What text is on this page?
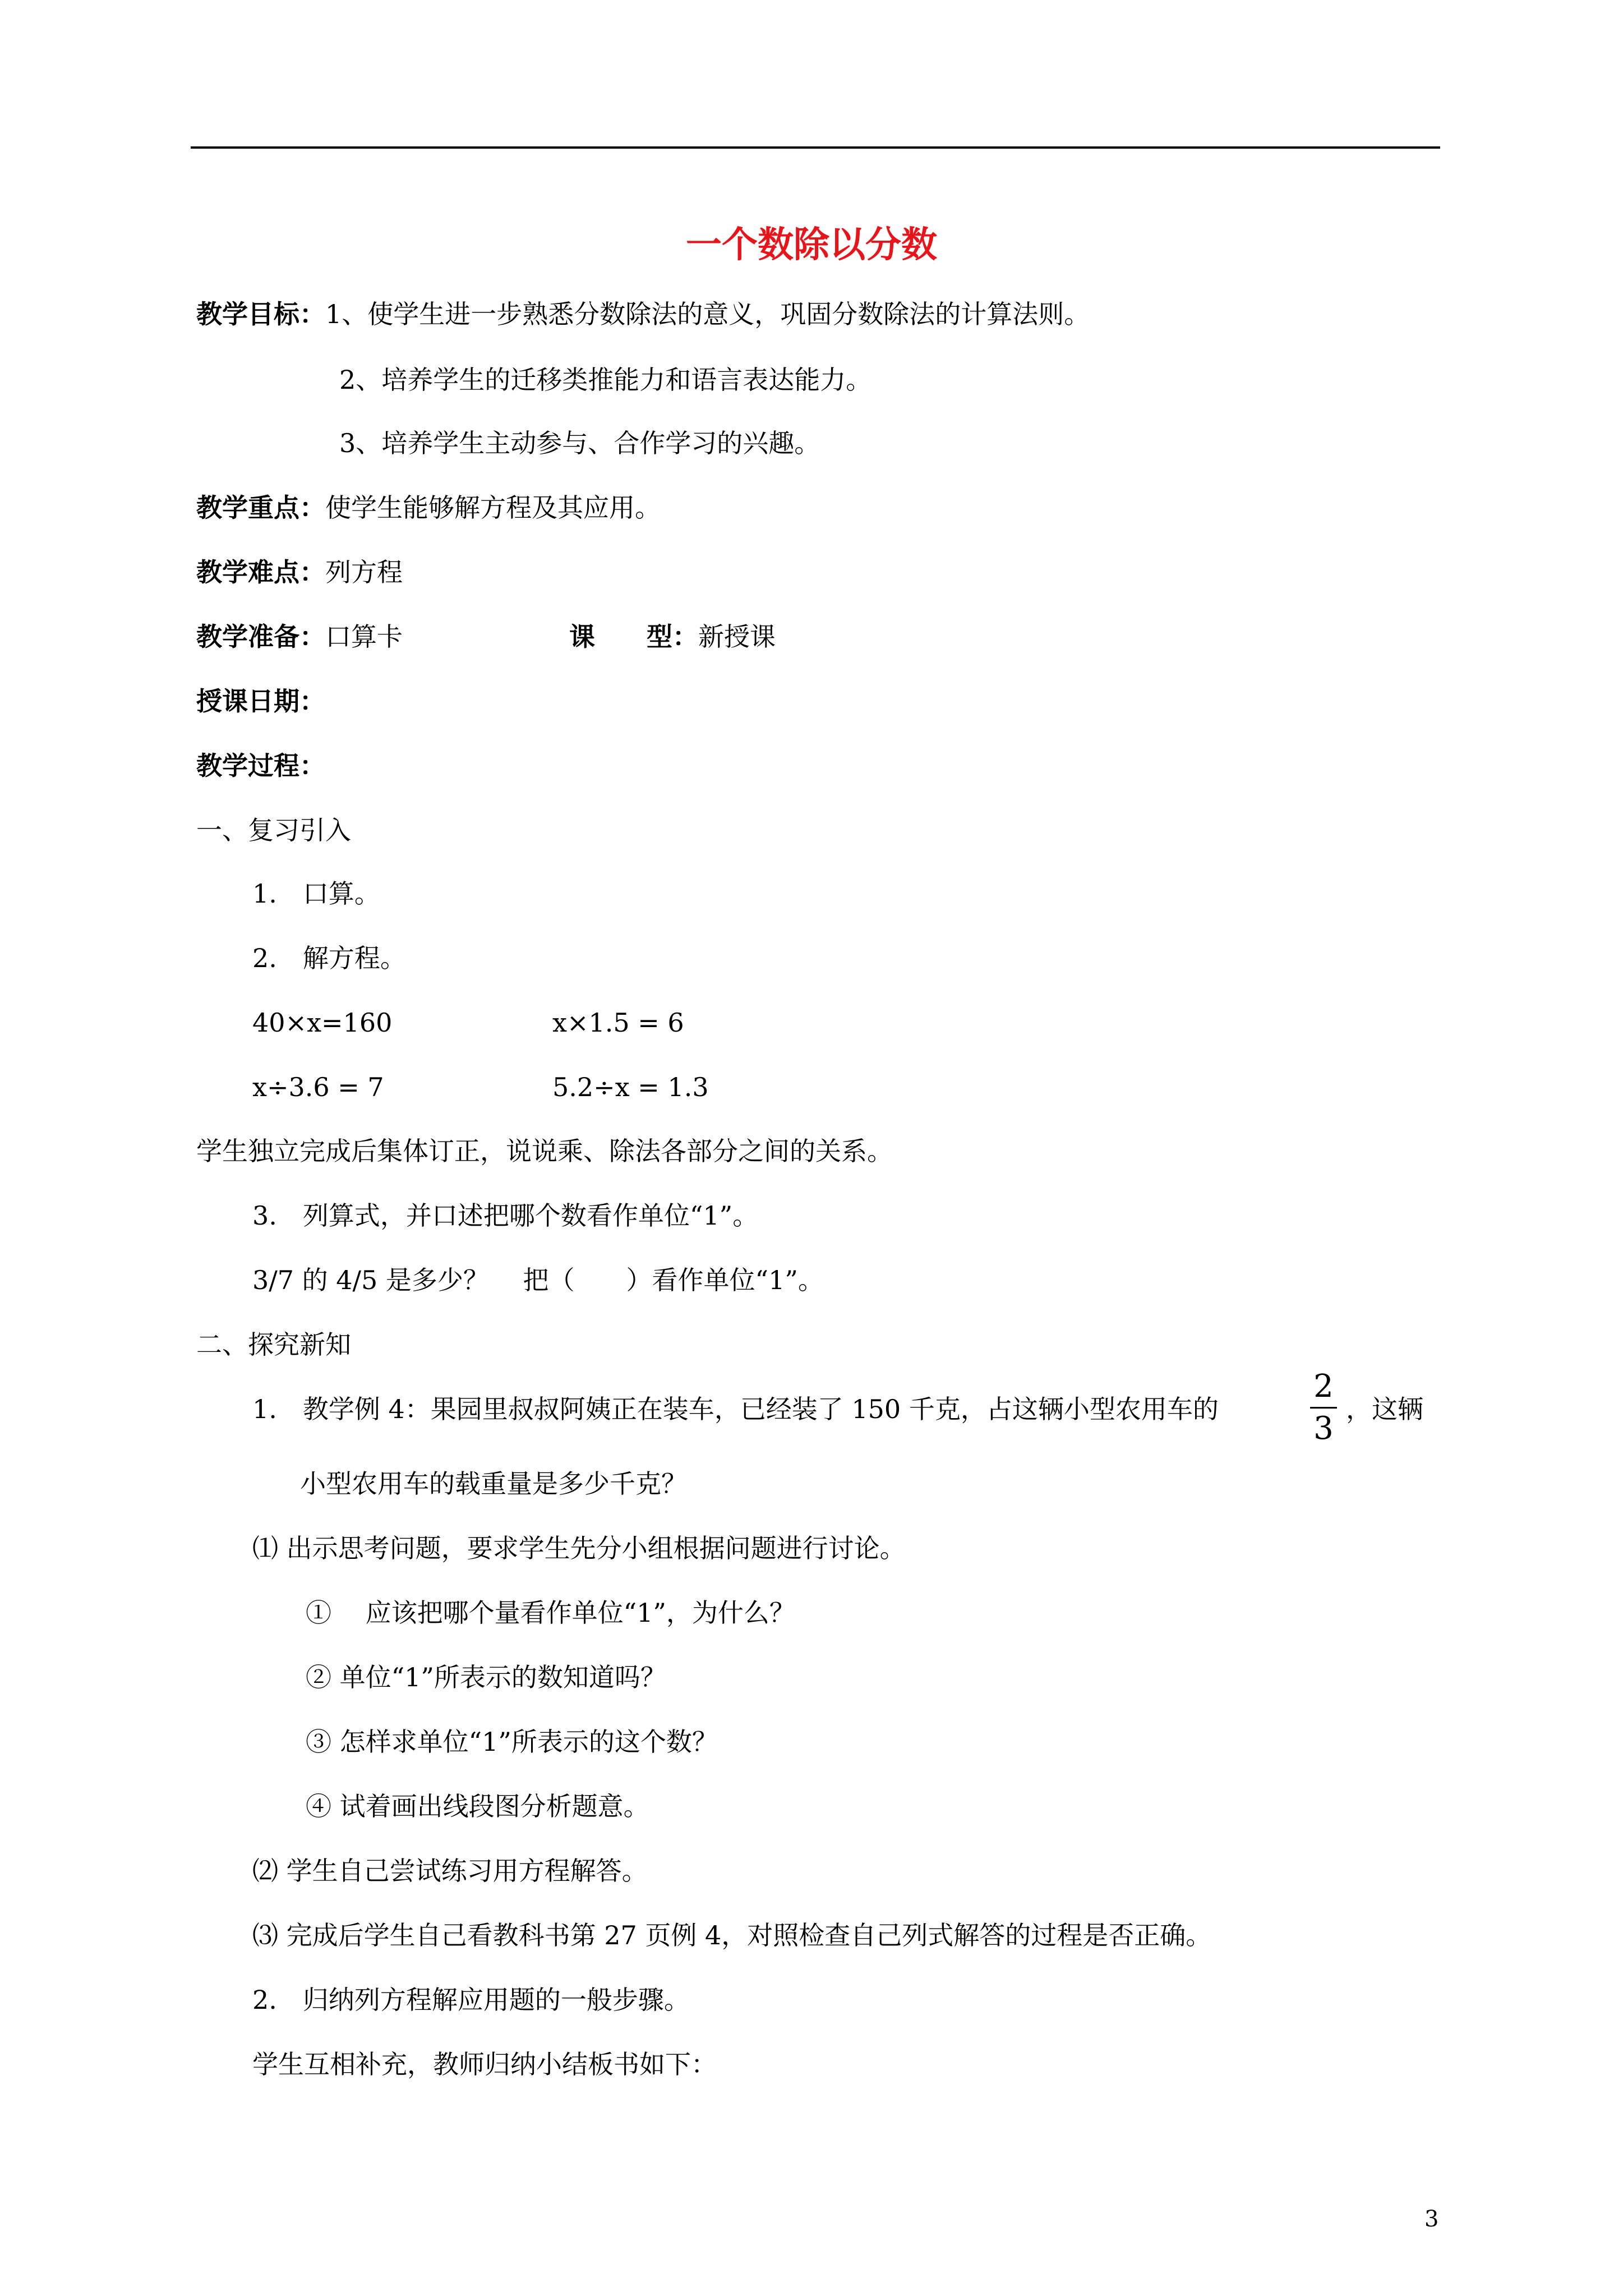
一个数除以分数
教学目标：1、使学生进一步熟悉分数除法的意义，巩固分数除法的计算法则。
2、培养学生的迁移类推能力和语言表达能力。
3、培养学生主动参与、合作学习的兴趣。
教学重点：使学生能够解方程及其应用。
教学难点：列方程
教学准备：口算卡	课　　型：新授课
授课日期：
教学过程：
一、复习引入
1.　口算。
2.　解方程。
40×x=160	x×1.5 = 6
x÷3.6 = 7	5.2÷x = 1.3
学生独立完成后集体订正，说说乘、除法各部分之间的关系。
3.　列算式，并口述把哪个数看作单位“1”。
3/7 的 4/5 是多少？　 把（　　）看作单位“1”。
二、探究新知
1.　教学例 4：果园里叔叔阿姨正在装车，已经装了 150 千克，占这辆小型农用车的
2
3
，这辆
小型农用车的载重量是多少千克？
⑴ 出示思考问题，要求学生先分小组根据问题进行讨论。
①　 应该把哪个量看作单位“1”，为什么？
② 单位“1”所表示的数知道吗？
③ 怎样求单位“1”所表示的这个数？
④ 试着画出线段图分析题意。
⑵ 学生自己尝试练习用方程解答。
⑶ 完成后学生自己看教科书第 27 页例 4，对照检查自己列式解答的过程是否正确。
2.　归纳列方程解应用题的一般步骤。
学生互相补充，教师归纳小结板书如下：
3
